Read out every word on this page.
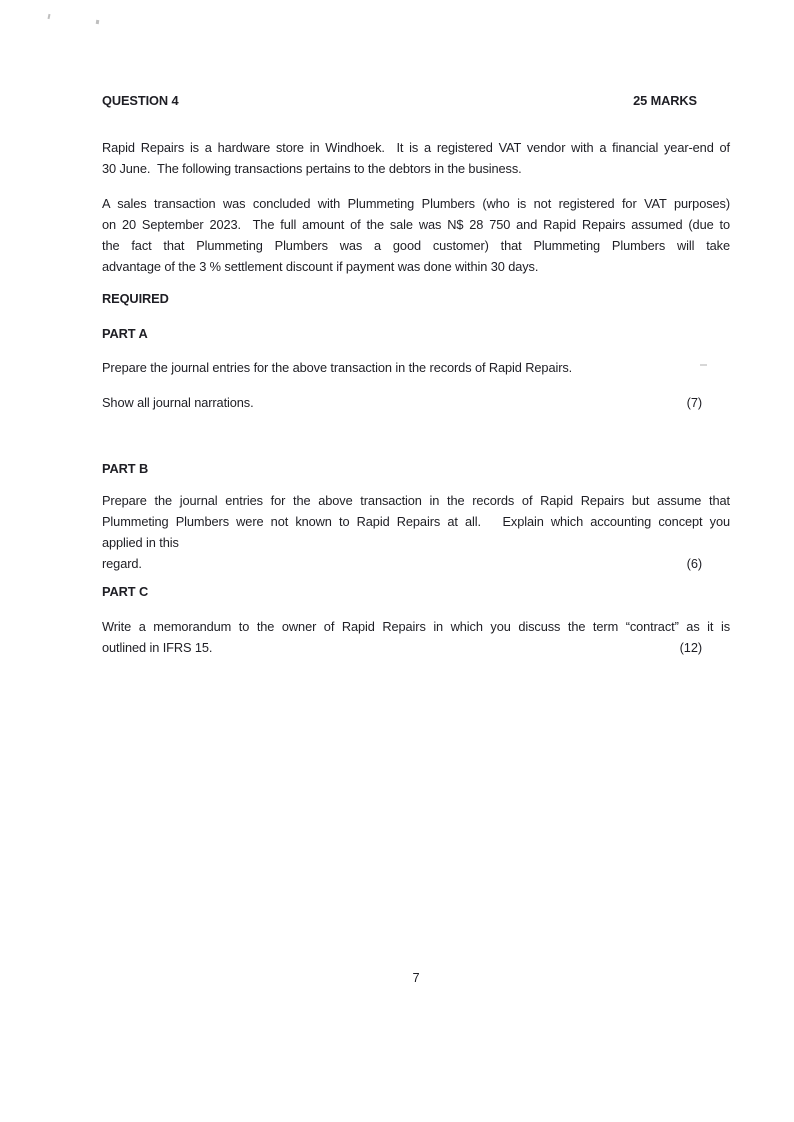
QUESTION 4	25 MARKS
Rapid Repairs is a hardware store in Windhoek.  It is a registered VAT vendor with a financial year-end of
30 June.  The following transactions pertains to the debtors in the business.
A sales transaction was concluded with Plummeting Plumbers (who is not registered for VAT purposes)
on 20 September 2023.  The full amount of the sale was N$ 28 750 and Rapid Repairs assumed (due to
the fact that Plummeting Plumbers was a good customer) that Plummeting Plumbers will take
advantage of the 3 % settlement discount if payment was done within 30 days.
REQUIRED
PART A
Prepare the journal entries for the above transaction in the records of Rapid Repairs.
Show all journal narrations.	(7)
PART B
Prepare the journal entries for the above transaction in the records of Rapid Repairs but assume that
Plummeting Plumbers were not known to Rapid Repairs at all.   Explain which accounting concept you
applied in this
regard.	(6)
PART C
Write a memorandum to the owner of Rapid Repairs in which you discuss the term “contract” as it is
outlined in IFRS 15.	(12)
7
